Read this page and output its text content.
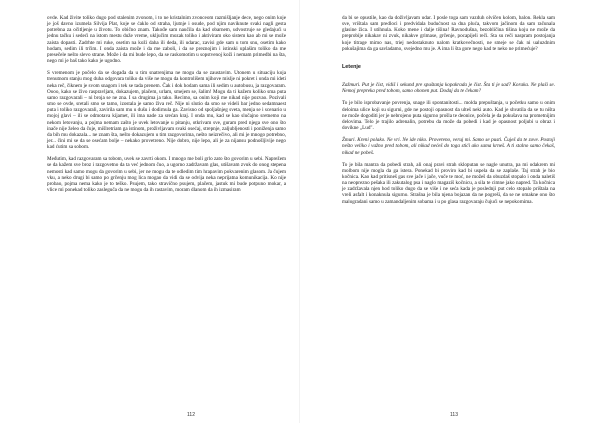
ovde. Kad živite toliko dugo pod stalenim zvonom, i to ne kristalnim zvonceom razmišljanje dece, nego onim koje je još davno izumela Silvija Plat, koje se ćaklo od straha, ljutnje i osude, pod njim naviknute svaki nagli gesta potrebna za očitljenje u životu. To obično znam. Takođe sam naučila da kad obarnem, udvostruje se gledajući u jednu tačku i sedeći na istom mestu duže vreme, uključim mozak toliko i aktiviram oko sistem kao ab mi se može zaista dopasti. Zadrhte mi ruke, osetim na koži daha ili deda, ili udarac, zavisi gde sam u tom snu, osetim kako hodam, sedim ili trčim. I onda zaista može i da me zaboli, i da se preznojim i istinski uplašim toliko da me presečele nešto slevo strane. Može i da mi bude lepo, da se raskomotim u sopstvenoj koži i nemam primedbi na šta, nego mi je baš tako kako je ugodno.

S vremenom je počelo da se događa da u tim snatrenjima ne mogu da se zaustavim. Utonem u situaciju koja trenutnom stanju mog duha odgovara toliko da više ne mogu da kontrolišem njihove mislje ni pokret i onda mi ideti neka reč, čiknem je svom snagom i tek se tada prenem. Čak i dok hodam sama ili sedim u autobusu, ja razgovaram. Oooo, kako se živo raspravljam, dokazujem, plačem, urlam, smejem se, šalim! Mogu da ti kažem koliko sma puta samo razgovarali – ni broja se ne zna. I sa drugima ja tako. Recimo, sa onim koji me nikad nije pozvao. Pozivali smo se ovde, sretali smo se tamo, izostala je samo živa reč. Nije ni slutio da smo se videli bar jedno sedamnaest puta i toliko razgovarali, zavirila sam mu u dušu i dodirnula ga. Zavisno od spoljašnjeg sveta, menja se i scenario u mojoj glavi – ili se odmotava kijamet, ili ima nade za srećan kraj. I onda mu, kad se kao slučajno sretnemo na nekom letovanju, a pojma nemam zašto je uvek letovanje u pitanju, otkrivam sve, guram pred njega sve ono što inače nije želeo da čuje, mišlretriam ga istinom, proživljavam svaki osećaj, strepnje, zaljubljenosti i poniženja samo da bih mu dokazala... ne znam šta, nešto dokazujem u tim razgovorima, nešto neizrečivo, ali mi je mnogo potrebno, jer... čini mi se da se osećam bolje – nekako provetreno. Nije dobro, nije lepo, ali je za nijansu podnošljivije nego kad ćutim sa sobom.

Međutim, kad razgovaram sa tobom, uvek se zavrti okom. I mnogo me boli grlo zato što govorim u sebi. Naprežem se da kažem sve broz i razgovetno da ta već jednom čuo, a ugorno zadržavam glas, utišavam zvuk do onog stepena nemosti kad samo mogu da govorim u sebi, jer ne mogu da te odledim tim hrapavim pokvarenim glasom. Ja čujem vku, a neko drugi bi samo po grčenju mog lica mogao da vidi da se odvija neka neprijatna komunikacija. Ko nije probao, pojma nema kako je to teško. Psujem, tako stravično psujem, plačem, jastuk mi bude potpuno mokar, a vlice mi ponekad toliko zasleguča da ne mogu da ih rastavim, moram dlanom da ih izmasiram

112

da bi se opustile, kao da doživljavam udar. I posle toga sam vazduh olvičen kolom, balon. Rekla sam sve, vrištala sam predloci i predvidala budućnost sa dna pluća, takvom jačinom da sam računala glasine žica. I utihnula. Koko mene i dalje tišina! Ravnodušna, bezobličina tišina koju ne može da preprobije nikakav ni zvuk, nikakve grimase, grčenje, pocapijeli reči. Sta su reči naspram postojanja koje titrage mimo nas, triej nedostaknuto nalom kratkovečnosti, ne smeje se čak ni ualuzdnim pokušajima da ga savladamo, svejedno mu je. A ima li šta gore nego kad te neko ne primećuje?

Letenje

Zažmuri. Put je čist, vidiš i sekund pre spuštanja kopakrada je čist. Šta ti je sad? Koraka. Ne plaši se. Nemoj prepreka pred tobom, samo ohonen put. Dodaj da te čekam?

To je bilo isprobavanje povrenja, snage ili spontanitosti... molda prepuštanja, u početku samo u onim deloima ulice koji su sigurni, gde ne postoji opasnost da ulteš neki auto. Kad je shvatila da se tu ništa ne može dogoditi jer je nebrojeno puta sigurno prošla te deonice, počela je da pokušava na prometnijim delovima. Telo je trajilo adrenalin, potrebu da može da pobedi i kad je opasnost poljubi u obraz i dovikne „Lud".

Žmuri. Kreni polako. Ne vri. Ne ide niko. Provereno, veruj mi. Samo se pusti. Čuješ da te zove. Postoji nešto veliko i važno pred tobom, ali nikad nećeš do toga stići ako sama krneš. A ti stalno samo čekaš, nikad ne pobeš.

To je bila mantra da pobedi strah, ali onaj pravi strah skloputan se nagle unutra, pa mi odakrem mi molbom nije mogla da ga istera. Ponekad bi proviro kad bi uspela da se zaplaše. Taj strah je bio kočnica. Kao kad pritisneš gas sve jače i jače, vuče te moć, ne možeš da obuzdaš stopalo i onda naletiš na neoprezno pešaka ili zakutalog psa i naglo magaziš kočnicu, a sila te cimne jako napred. Ta kočnica je zadržavala njen hod toliko dugo da se više i ne seća kada je poslednji put celo stopalo prištala na vreli asfalt i konaknula sigurno. Strašna je bila njena bojazan da ne pogreši, da se ne omakne ono što malogradani samo u zamandaljenim sobama i u po glasa razgovaraju čujući se nepokornima.

113
